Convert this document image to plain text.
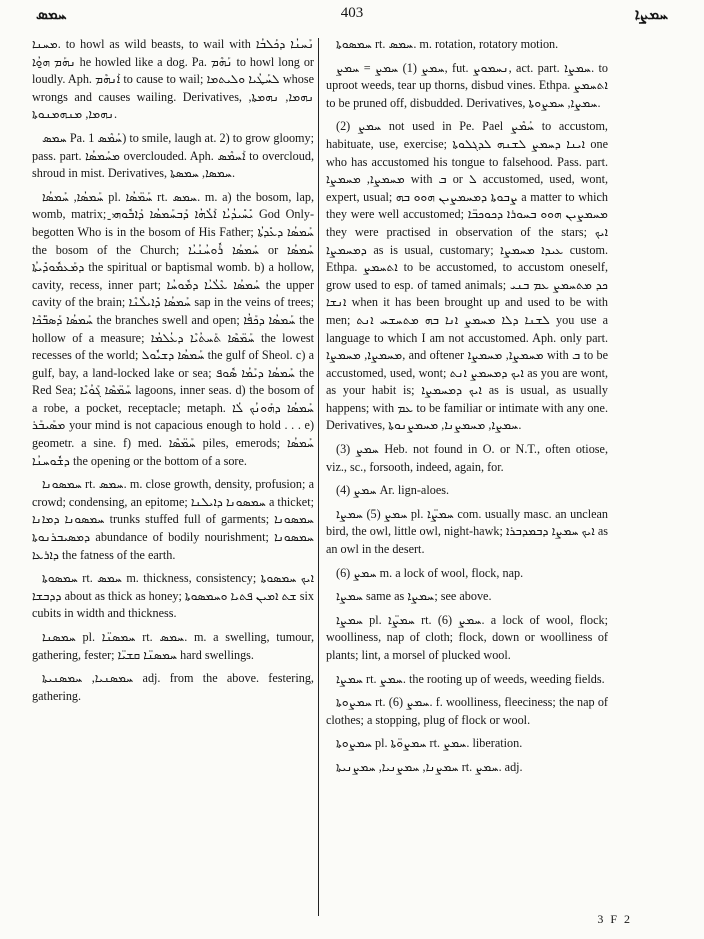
ܚܡܣ	403	ܚܡܨܐ

ܡܚܢܐ. to howl as wild beasts, to wail with ܢܰܚܢܳܐ ܕܟܰܠܒܳܐ ܢܗܰܡ ܗ̱ܘܳܐ he howled like a dog. Pa. ܢܰܗܶܡ to howl long or loudly. Aph. ܐܰܢܗܶܡ to cause to wail; ܠܚܰܛܳܝܐ ܘܠܝܬܡܐ whose wrongs and causes wailing. Derivatives, ܢܗܡܐ, ܢܗܡܬܐ, ܢܗܡܐ, ܡܢܗܡܢܘܬܐ.

ܚܡܣ Pa. ܚܰܡܶܣ 1) to smile, laugh at. 2) to grow gloomy; pass. part. ܡܚܰܡܣܳܐ overclouded. Aph. ܐܰܚܡܶܣ to overcloud, shroud in mist. Derivatives, ܚܡܣܐ, ܚܡܣܬܐ.

ܚܰܡܣܳܐ, ܚܰܡܣܳܐ pl. ܚܰܡ̈ܣܳܐ rt. ܚܡܣ. m. a) the bosom, lap, womb, matrix; ܝܺܚܺܝܕܳܝܳܐ ܐܰܠܳܗܳܐ ܕܰܒܚܰܡܣܳܐ ܕܰܐܒܽܘܗ̱ܝ God Only-begotten Who is in the bosom of His Father; ܚܰܡܣܳܐ ܕܥܺܕܬܳܐ the bosom of the Church; ܚܰܡܣܳܐ ܪܽܘܚܳܢܳܝܳܐ or ܚܰܡܣܳܐ ܕܡܰܥܡܽܘܕܺܝܬܳܐ the spiritual or baptismal womb. b) a hollow, cavity, recess, inner part; ܚܰܡܣܳܐ ܥܶܠܳܝܳܐ ܕܡܽܘܚܳܐ the upper cavity of the brain; ܚܰܡܣܳܐ ܕܺܐܝܠܳܢܶܐ sap in the veins of trees; ܚܰܡܣܳܐ ܕܰܣܒ̈ܰܟܶܐ the branches swell and open; ܚܰܡܣܳܐ ܕܟܰܦܳܐ the hollow of a measure; ܚܰܡ̈ܣܶܐ ܬܰܚܬܳܝܶܐ ܕܥܳܠܡܳܐ the lowest recesses of the world; ܚܰܡܣܳܐ ܕܫܝܽܘܠ the gulf of Sheol. c) a gulf, bay, a land-locked lake or sea; ܚܰܡܣܳܐ ܕܝܰܡܳܐ ܣܽܘܦ the Red Sea; ܚܰܡ̈ܣܶܐ ܓܰܘܳܝܶܐ lagoons, inner seas. d) the bosom of a robe, a pocket, receptacle; metaph. ܚܰܡܣܳܐ ܕܗܰܘܢܳܟ ܠܳܐ ܡܣܰܝܒܰܪ your mind is not capacious enough to hold . . . e) geometr. a sine. f) med. ܚܰܡ̈ܣܶܐ piles, emerods; ܚܰܡܣܳܐ ܕܫܽܘܚܢܳܐ the opening or the bottom of a sore.

ܚܡܣܘܢܐ rt. ܚܡܣ. m. close growth, density, profusion; a crowd; condensing, an epitome; ܚܡܣܘܢܐ ܕܐܝܠܢܐ a thicket; ܚܡܣܘܢܐ ܕܡܐܢܐ trunks stuffed full of garments; ܚܡܣܘܢܐ ܕܡܣܝܒܪܢܘܬܐ abundance of bodily nourishment; ܚܡܣܘܢܐ ܕܐܪܥܐ the fatness of the earth.

ܚܡܣܘܬܐ rt. ܚܡܣ m. thickness, consistency; ܐܝܟ ܚܡܣܘܬܐ ܕܕܒܫܐ about as thick as honey; ܫܬ ܐܡܝܢ ܦܬܝܐ ܘܚܡܣܘܬܐ six cubits in width and thickness.

ܚܡܣܢܐ pl. ܚܡܣܢ̈ܐ rt. ܚܡܣ. m. a swelling, tumour, gathering, fester; ܚܡܣܢ̈ܐ ܩܫܝ̈ܐ hard swellings.

ܚܡܣܢܝܐ, ܚܡܣܢܝܬܐ adj. from the above. festering, gathering.

ܚܡܣܘܬܐ rt. ܚܡܣ. m. rotation, rotatory motion.

ܚܡܨ (1) ܚܡܨ = ܚܡܨ, fut. ܢܚܡܘܨ, act. part. ܚܡܨܐ. to uproot weeds, tear up thorns, disbud vines. Ethpa. ܐܬܚܡܨ to be pruned off, disbudded. Derivatives, ܚܡܨܐ, ܚܡܨܘܬܐ.

ܚܡܨ (2) not used in Pe. Pael ܚܰܡܶܨ to accustom, habituate, use, exercise; ܐܝܢܐ ܕܚܡܨ ܠܫܢܗ ܠܕܓܠܘܬܐ one who has accustomed his tongue to falsehood. Pass. part. ܡܚܡܨܐ, ܡܚܡܨܐ with ܒ or ܠ accustomed, used, wont, expert, usual; ܨܒܘܬܐ ܕܡܚܡܨܝܢ ܗܘܘ ܒܗ a matter to which they were well accustomed; ܡܚܡܨܝܢ ܗܘܘ ܒܚܘܪܐ ܕܟܘܟܒ̈ܐ they were practised in observation of the stars; ܐܝܟ ܕܡܚܡܨܐ as is usual, customary; ܥܝܕܐ ܡܚܡܨܐ custom. Ethpa. ܐܬܚܡܨ to be accustomed, to accustom oneself, grow used to esp. of tamed animals; ܟܕ ܡܬܚܡܨ ܥܡ ܒܢܝ ܐܢܫܐ when it has been brought up and used to be with men; ܠܫܢܐ ܕܠܐ ܡܚܡܨ ܐܢܐ ܒܗ ܡܬܚܫܚ ܐܢܬ you use a language to which I am not accustomed. Aph. only part. ܡܚܡܨܐ, ܡܚܡܨܐ, and oftener ܡܚܡܨܐ, ܡܚܡܨܐ with ܒ to be accustomed, used, wont; ܐܝܟ ܕܡܚܡܨ ܐܢܬ as you are wont, as your habit is; ܐܝܟ ܕܡܚܡܨܐ as is usual, as usually happens; with ܥܡ to be familiar or intimate with any one. Derivatives, ܚܡܨܐ, ܡܚܡܨܢܐ, ܡܚܡܨܢܘܬܐ.

ܚܡܨ (3) Heb. not found in O. or N.T., often otiose, viz., sc., forsooth, indeed, again, for.

ܚܡܨ (4) Ar. lign-aloes.

ܚܡܨ (5) ܚܡܨܐ pl. ܚܡܨ̈ܐ com. usually masc. an unclean bird, the owl, little owl, night-hawk; ܐܝܟ ܚܡܨܐ ܕܒܡܕܒܪܐ as an owl in the desert.

ܚܡܨ (6) m. a lock of wool, flock, nap.

ܚܡܨܐ same as ܚܡܨܐ; see above.

ܚܡܨܐ pl. ܚܡܨ̈ܐ rt. ܚܡܨ (6). a lock of wool, flock; woolliness, nap of cloth; flock, down or woolliness of plants; lint, a morsel of plucked wool.

ܚܡܨܐ rt. ܚܡܨ. the rooting up of weeds, weeding fields.

ܚܡܨܘܬܐ rt. ܚܡܨ (6). f. woolliness, fleeciness; the nap of clothes; a stopping, plug of flock or wool.

ܚܡܨܘܬܐ pl. ܚܡܨܘ̈ܬܐ rt. ܚܡܨ. liberation.

ܚܡܨܢܐ, ܚܡܨܢܝܐ, ܚܡܨܢܝܬܐ rt. ܚܡܨ. adj.

3 F 2
